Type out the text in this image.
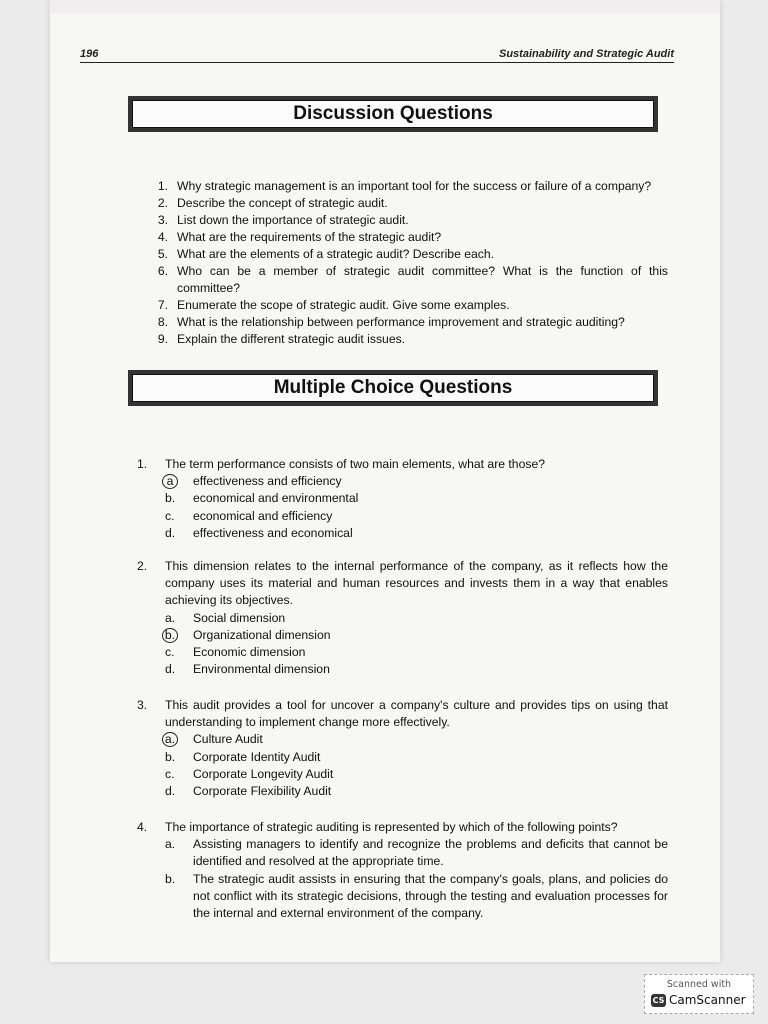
196	Sustainability and Strategic Audit
Discussion Questions
1. Why strategic management is an important tool for the success or failure of a company?
2. Describe the concept of strategic audit.
3. List down the importance of strategic audit.
4. What are the requirements of the strategic audit?
5. What are the elements of a strategic audit? Describe each.
6. Who can be a member of strategic audit committee? What is the function of this committee?
7. Enumerate the scope of strategic audit. Give some examples.
8. What is the relationship between performance improvement and strategic auditing?
9. Explain the different strategic audit issues.
Multiple Choice Questions
1. The term performance consists of two main elements, what are those?
a	effectiveness and efficiency
b.	economical and environmental
c.	economical and efficiency
d.	effectiveness and economical
2. This dimension relates to the internal performance of the company, as it reflects how the company uses its material and human resources and invests them in a way that enables achieving its objectives.
a.	Social dimension
b.	Organizational dimension
c.	Economic dimension
d.	Environmental dimension
3. This audit provides a tool for uncover a company's culture and provides tips on using that understanding to implement change more effectively.
a.	Culture Audit
b.	Corporate Identity Audit
c.	Corporate Longevity Audit
d.	Corporate Flexibility Audit
4. The importance of strategic auditing is represented by which of the following points?
a.	Assisting managers to identify and recognize the problems and deficits that cannot be identified and resolved at the appropriate time.
b.	The strategic audit assists in ensuring that the company's goals, plans, and policies do not conflict with its strategic decisions, through the testing and evaluation processes for the internal and external environment of the company.
Scanned with
CS CamScanner
